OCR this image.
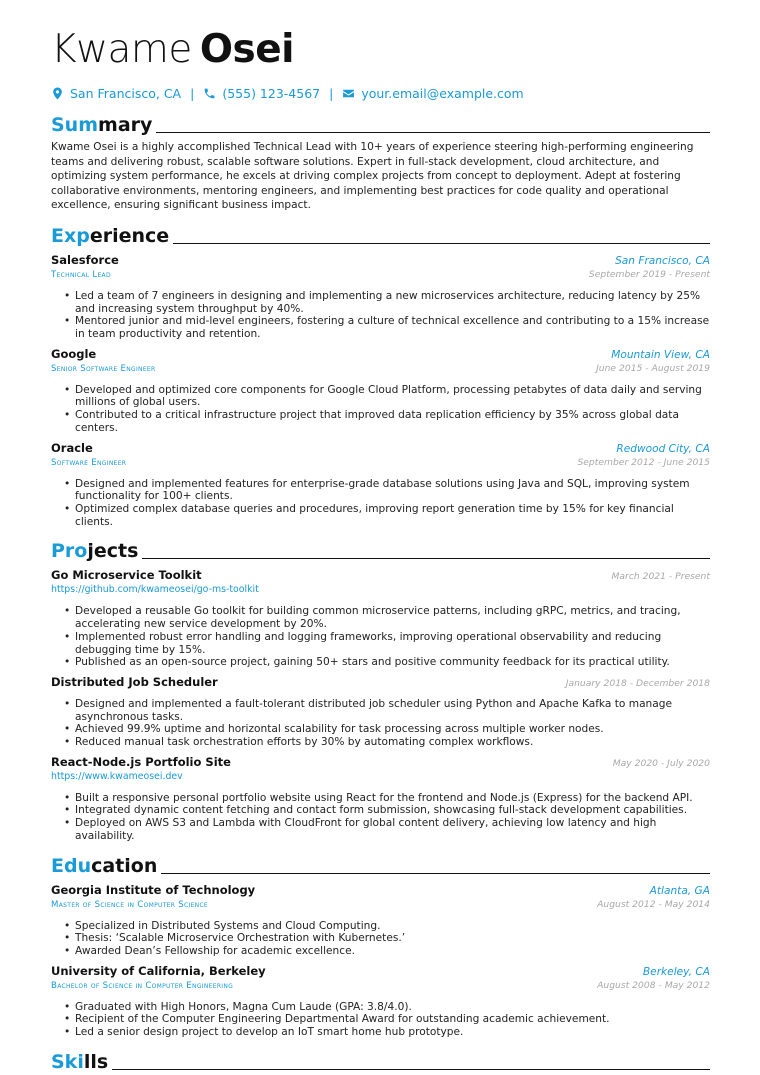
Kwame Osei
San Francisco, CA | (555) 123-4567 | your.email@example.com
Summary

Kwame Osei is a highly accomplished Technical Lead with 10+ years of experience steering high-performing engineering teams and delivering robust, scalable software solutions. Expert in full-stack development, cloud architecture, and optimizing system performance, he excels at driving complex projects from concept to deployment. Adept at fostering collaborative environments, mentoring engineers, and implementing best practices for code quality and operational excellence, ensuring significant business impact.

Experience
Salesforce	San Francisco, CA
Technical Lead	September 2019 - Present
• Led a team of 7 engineers in designing and implementing a new microservices architecture, reducing latency by 25% and increasing system throughput by 40%.
• Mentored junior and mid-level engineers, fostering a culture of technical excellence and contributing to a 15% increase in team productivity and retention.
Google	Mountain View, CA
Senior Software Engineer	June 2015 - August 2019
• Developed and optimized core components for Google Cloud Platform, processing petabytes of data daily and serving millions of global users.
• Contributed to a critical infrastructure project that improved data replication efficiency by 35% across global data centers.
Oracle	Redwood City, CA
Software Engineer	September 2012 - June 2015
• Designed and implemented features for enterprise-grade database solutions using Java and SQL, improving system functionality for 100+ clients.
• Optimized complex database queries and procedures, improving report generation time by 15% for key financial clients.
Projects
Go Microservice Toolkit	March 2021 - Present
https://github.com/kwameosei/go-ms-toolkit
• Developed a reusable Go toolkit for building common microservice patterns, including gRPC, metrics, and tracing, accelerating new service development by 20%.
• Implemented robust error handling and logging frameworks, improving operational observability and reducing debugging time by 15%.
• Published as an open-source project, gaining 50+ stars and positive community feedback for its practical utility.
Distributed Job Scheduler	January 2018 - December 2018
• Designed and implemented a fault-tolerant distributed job scheduler using Python and Apache Kafka to manage asynchronous tasks.
• Achieved 99.9% uptime and horizontal scalability for task processing across multiple worker nodes.
• Reduced manual task orchestration efforts by 30% by automating complex workflows.
React-Node.js Portfolio Site	May 2020 - July 2020
https://www.kwameosei.dev
• Built a responsive personal portfolio website using React for the frontend and Node.js (Express) for the backend API.
• Integrated dynamic content fetching and contact form submission, showcasing full-stack development capabilities.
• Deployed on AWS S3 and Lambda with CloudFront for global content delivery, achieving low latency and high availability.
Education
Georgia Institute of Technology	Atlanta, GA
Master of Science in Computer Science	August 2012 - May 2014
• Specialized in Distributed Systems and Cloud Computing.
• Thesis: ‘Scalable Microservice Orchestration with Kubernetes.’
• Awarded Dean’s Fellowship for academic excellence.
University of California, Berkeley	Berkeley, CA
Bachelor of Science in Computer Engineering	August 2008 - May 2012
• Graduated with High Honors, Magna Cum Laude (GPA: 3.8/4.0).
• Recipient of the Computer Engineering Departmental Award for outstanding academic achievement.
• Led a senior design project to develop an IoT smart home hub prototype.
Skills
